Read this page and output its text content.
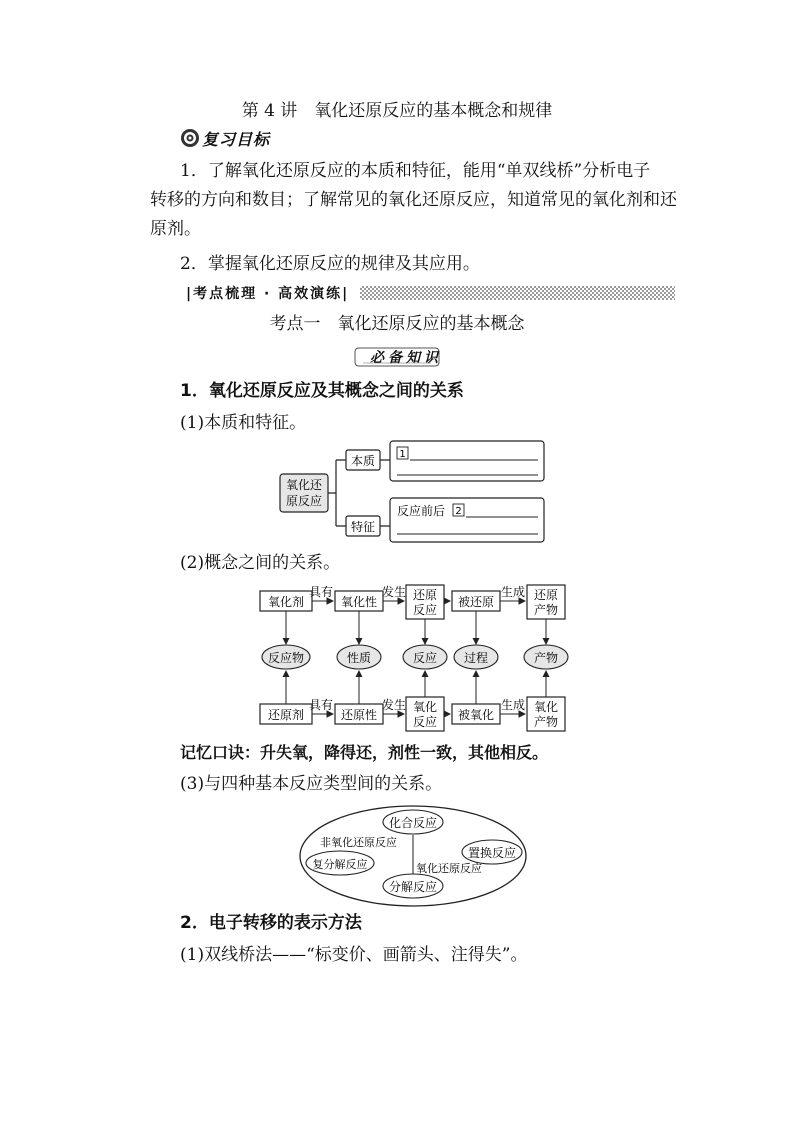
第 4 讲　氧化还原反应的基本概念和规律
复习目标
1．了解氧化还原反应的本质和特征，能用“单双线桥”分析电子
转移的方向和数目；了解常见的氧化还原反应，知道常见的氧化剂和还
原剂。
2．掌握氧化还原反应的规律及其应用。
|考点梳理 · 高效演练|
考点一　氧化还原反应的基本概念
必备知识
1．氧化还原反应及其概念之间的关系
(1)本质和特征。
氧化还
原反应
本质
特征
1
反应前后 2
(2)概念之间的关系。
氧化剂	氧化性	还原
反应
被还原	还原
产物
具有	发生	生成
反应物	性质	反应 过程	产物
还原剂	还原性
氧化
反应 被氧化
氧化
产物
具有	发生	生成
记忆口诀：升失氧，降得还，剂性一致，其他相反。
(3)与四种基本反应类型间的关系。
化合反应
非氧化还原反应
复分解反应
置换反应
氧化还原反应
分解反应
2．电子转移的表示方法
(1)双线桥法——“标变价、画箭头、注得失”。
